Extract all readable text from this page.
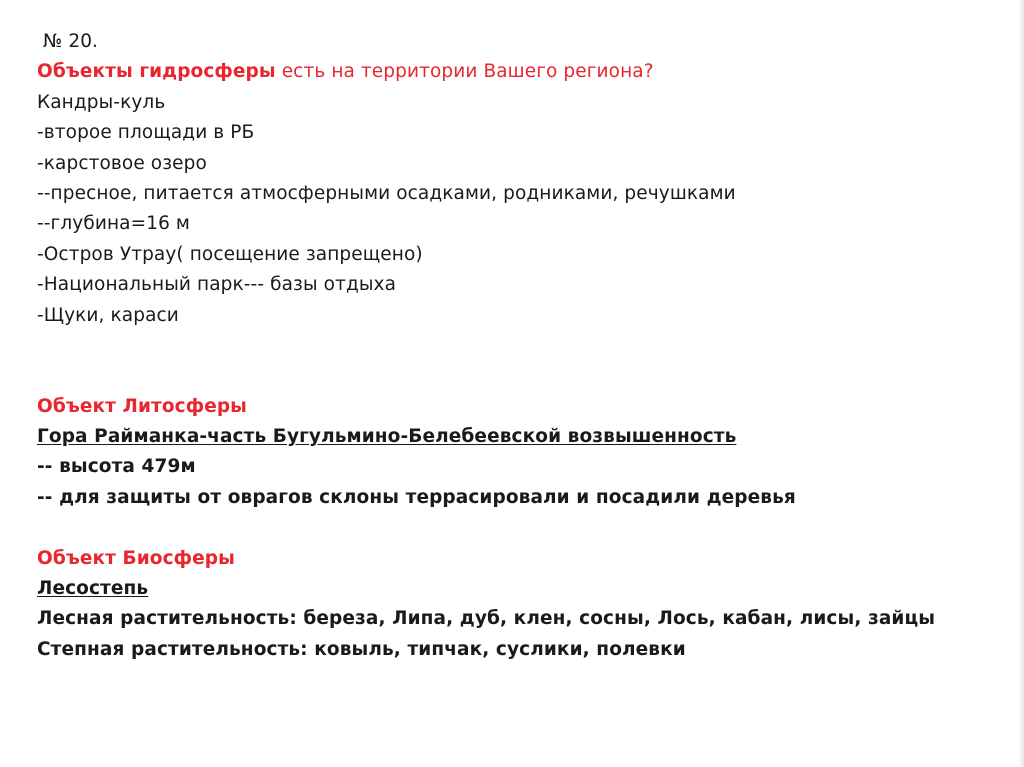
№ 20.
Объекты гидросферы есть на территории Вашего региона?
Кандры-куль
-второе площади в РБ
-карстовое озеро
--пресное, питается атмосферными осадками, родниками, речушками
--глубина=16 м
-Остров Утрау( посещение запрещено)
-Национальный парк--- базы отдыха
-Щуки, караси
Объект Литосферы
Гора Райманка-часть Бугульмино-Белебеевской возвышенность
-- высота 479м
-- для защиты от оврагов склоны террасировали и посадили деревья
Объект Биосферы
Лесостепь
Лесная растительность: береза, Липа, дуб, клен, сосны, Лось, кабан, лисы, зайцы
Степная растительность: ковыль, типчак, суслики, полевки
